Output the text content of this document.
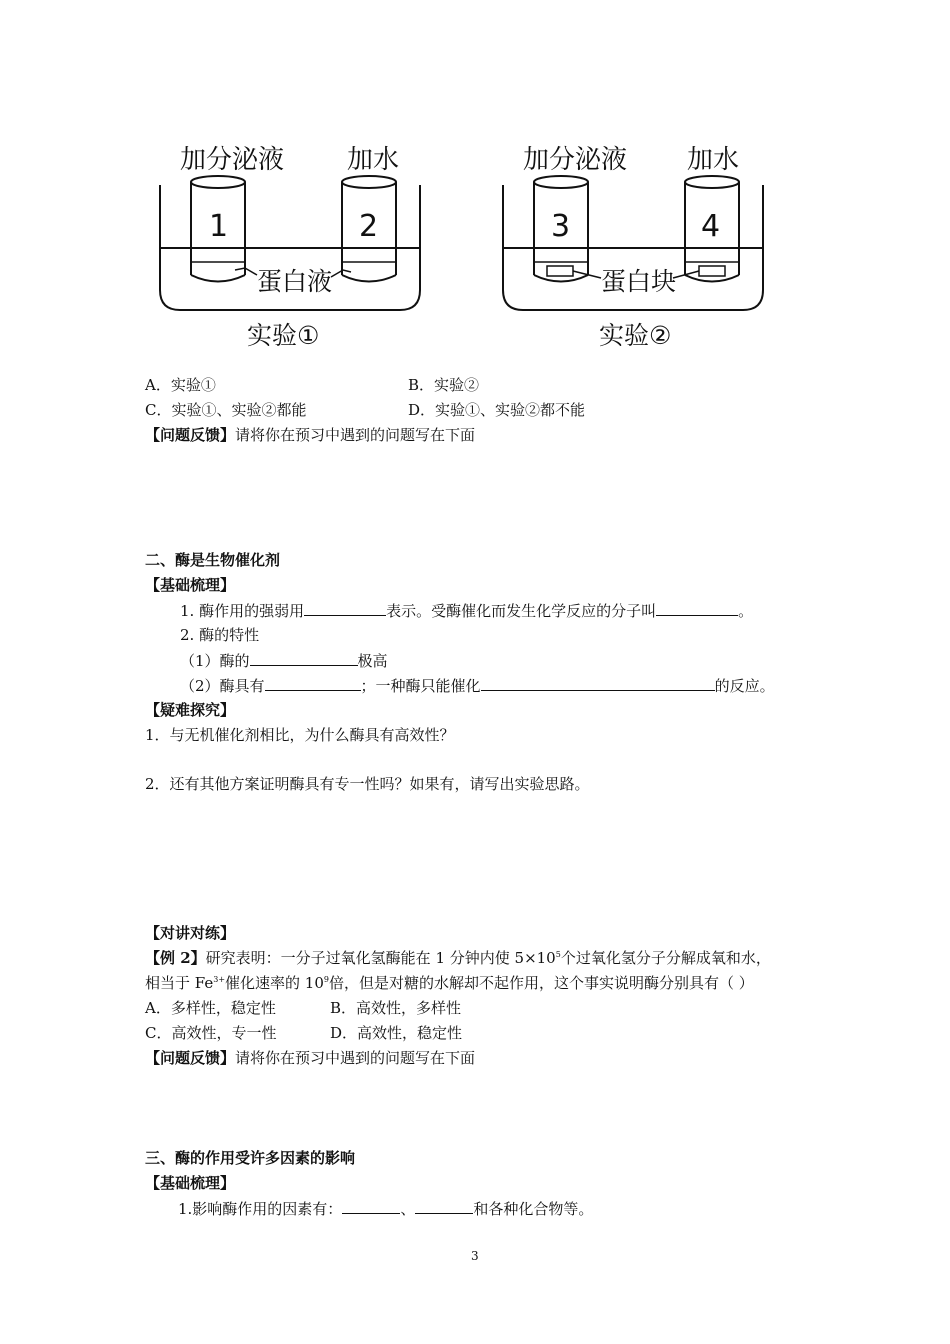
加分泌液 加水
1	2
蛋白液
实验①
加分泌液 加水
3	4
蛋白块
实验②
A．实验①	B．实验②
C．实验①、实验②都能	D．实验①、实验②都不能
【问题反馈】请将你在预习中遇到的问题写在下面
二、酶是生物催化剂
【基础梳理】
1. 酶作用的强弱用	表示。受酶催化而发生化学反应的分子叫	。
2. 酶的特性
（1）酶的	极高
（2）酶具有	；一种酶只能催化	的反应。
【疑难探究】
1．与无机催化剂相比，为什么酶具有高效性？
2．还有其他方案证明酶具有专一性吗？如果有，请写出实验思路。
【对讲对练】
【例 2】研究表明：一分子过氧化氢酶能在 1 分钟内使 $5\times 10^5$个过氧化氢分子分解成氧和水，
相当于 $Fe^{3+}$催化速率的 $10^9$倍，但是对糖的水解却不起作用，这个事实说明酶分别具有（ ）
A．多样性，稳定性	B．高效性，多样性
C．高效性，专一性	D．高效性，稳定性
【问题反馈】请将你在预习中遇到的问题写在下面
三、酶的作用受许多因素的影响
【基础梳理】
1.影响酶作用的因素有：	、	和各种化合物等。
3
